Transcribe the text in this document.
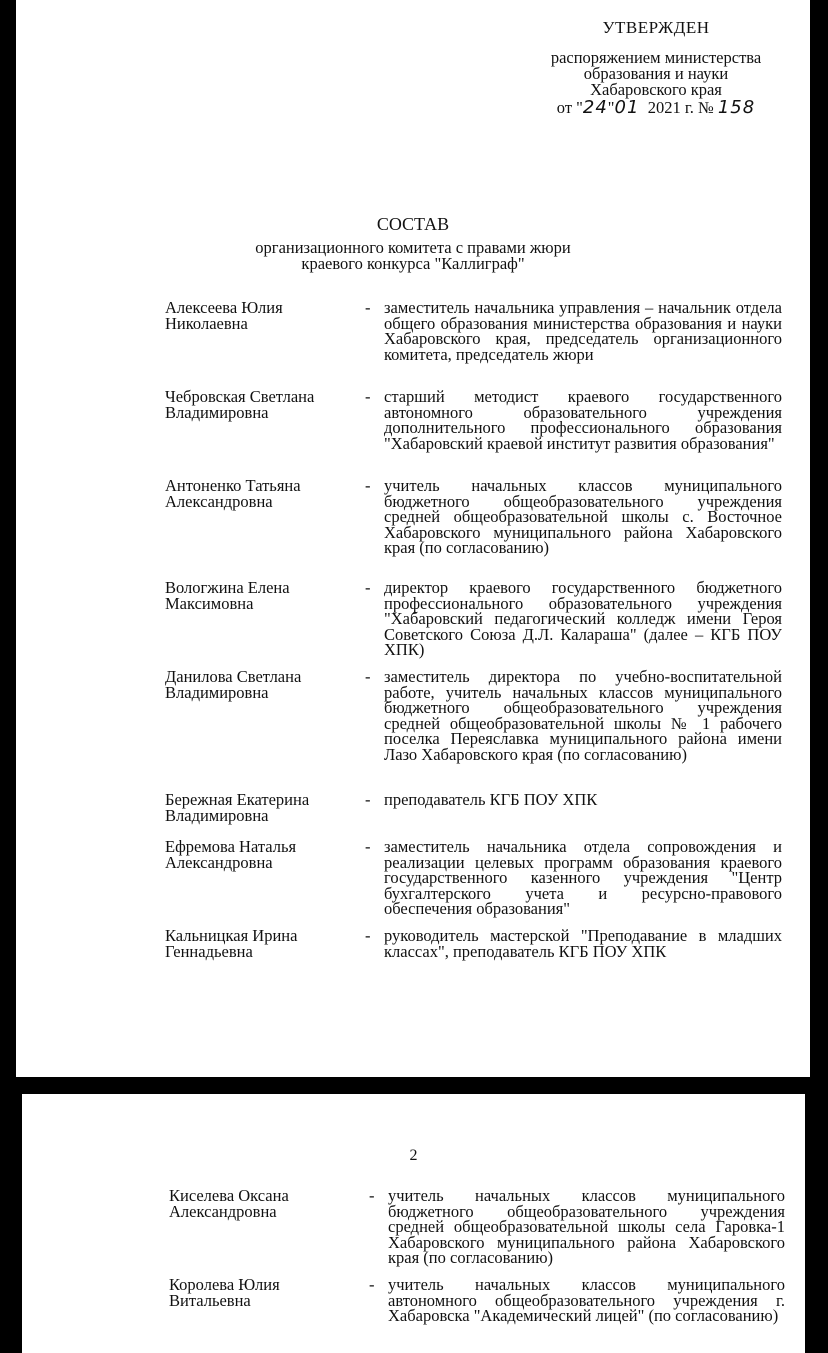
УТВЕРЖДЕН
распоряжением министерства
образования и науки
Хабаровского края
от "24"01 2021 г. № 158
СОСТАВ
организационного комитета с правами жюри
краевого конкурса "Каллиграф"
Алексеева Юлия
Николаевна
- заместитель начальника управления – начальник отдела общего образования министерства образования и науки Хабаровского края, председатель организационного комитета, председатель жюри
Чебровская Светлана
Владимировна
- старший методист краевого государственного автономного образовательного учреждения дополнительного профессионального образования "Хабаровский краевой институт развития образования"
Антоненко Татьяна
Александровна
- учитель начальных классов муниципального бюджетного общеобразовательного учреждения средней общеобразовательной школы с. Восточное Хабаровского муниципального района Хабаровского края (по согласованию)
Вологжина Елена
Максимовна
- директор краевого государственного бюджетного профессионального образовательного учреждения "Хабаровский педагогический колледж имени Героя Советского Союза Д.Л. Калараша" (далее – КГБ ПОУ ХПК)
Данилова Светлана
Владимировна
- заместитель директора по учебно-воспитательной работе, учитель начальных классов муниципального бюджетного общеобразовательного учреждения средней общеобразовательной школы № 1 рабочего поселка Переяславка муниципального района имени Лазо Хабаровского края (по согласованию)
Бережная Екатерина
Владимировна
- преподаватель КГБ ПОУ ХПК
Ефремова Наталья
Александровна
- заместитель начальника отдела сопровождения и реализации целевых программ образования краевого государственного казенного учреждения "Центр бухгалтерского учета и ресурсно-правового обеспечения образования"
Кальницкая Ирина
Геннадьевна
- руководитель мастерской "Преподавание в младших классах", преподаватель КГБ ПОУ ХПК
2
Киселева Оксана
Александровна
- учитель начальных классов муниципального бюджетного общеобразовательного учреждения средней общеобразовательной школы села Гаровка-1 Хабаровского муниципального района Хабаровского края (по согласованию)
Королева Юлия
Витальевна
- учитель начальных классов муниципального автономного общеобразовательного учреждения г. Хабаровска "Академический лицей" (по согласованию)
